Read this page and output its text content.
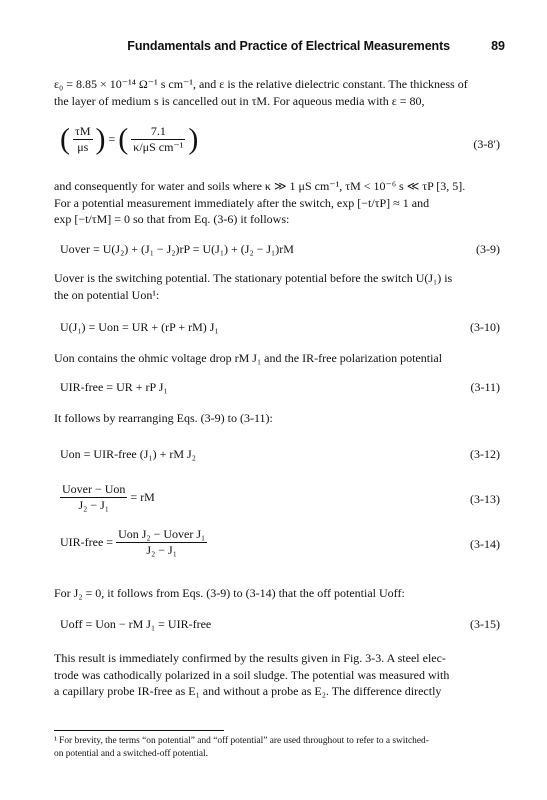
Fundamentals and Practice of Electrical Measurements	89
ε₀ = 8.85 × 10⁻¹⁴ Ω⁻¹ s cm⁻¹, and ε is the relative dielectric constant. The thickness of
the layer of medium s is cancelled out in τM. For aqueous media with ε = 80,
( $\frac{\tau M}{\mu s}$ ) = ( $\frac{7.1}{\text{κ/μS cm⁻¹}}$ )	(3-8′)
and consequently for water and soils where κ ≫ 1 μS cm⁻¹, τM < 10⁻⁶ s ≪ τP [3, 5].
For a potential measurement immediately after the switch, exp [−t/τP] ≈ 1 and
exp [−t/τM] = 0 so that from Eq. (3-6) it follows:
Uover = U(J₂) + (J₁ − J₂)rP = U(J₁) + (J₂ − J₁)rM	(3-9)
Uover is the switching potential. The stationary potential before the switch U(J₁) is
the on potential Uon¹:
U(J₁) = Uon = UR + (rP + rM) J₁	(3-10)
Uon contains the ohmic voltage drop rM J₁ and the IR-free polarization potential
UIR-free = UR + rP J₁	(3-11)
It follows by rearranging Eqs. (3-9) to (3-11):
Uon = UIR-free (J₁) + rM J₂	(3-12)
$\frac{\text{Uover − Uon}}{\text{J₂ − J₁}}$ = rM	(3-13)
UIR-free = $\frac{\text{Uon J₂ − Uover J₁}}{\text{J₂ − J₁}}$	(3-14)
For J₂ = 0, it follows from Eqs. (3-9) to (3-14) that the off potential Uoff:
Uoff = Uon − rM J₁ = UIR-free	(3-15)
This result is immediately confirmed by the results given in Fig. 3-3. A steel elec-
trode was cathodically polarized in a soil sludge. The potential was measured with
a capillary probe IR-free as E₁ and without a probe as E₂. The difference directly
¹ For brevity, the terms “on potential” and “off potential” are used throughout to refer to a switched-
on potential and a switched-off potential.
